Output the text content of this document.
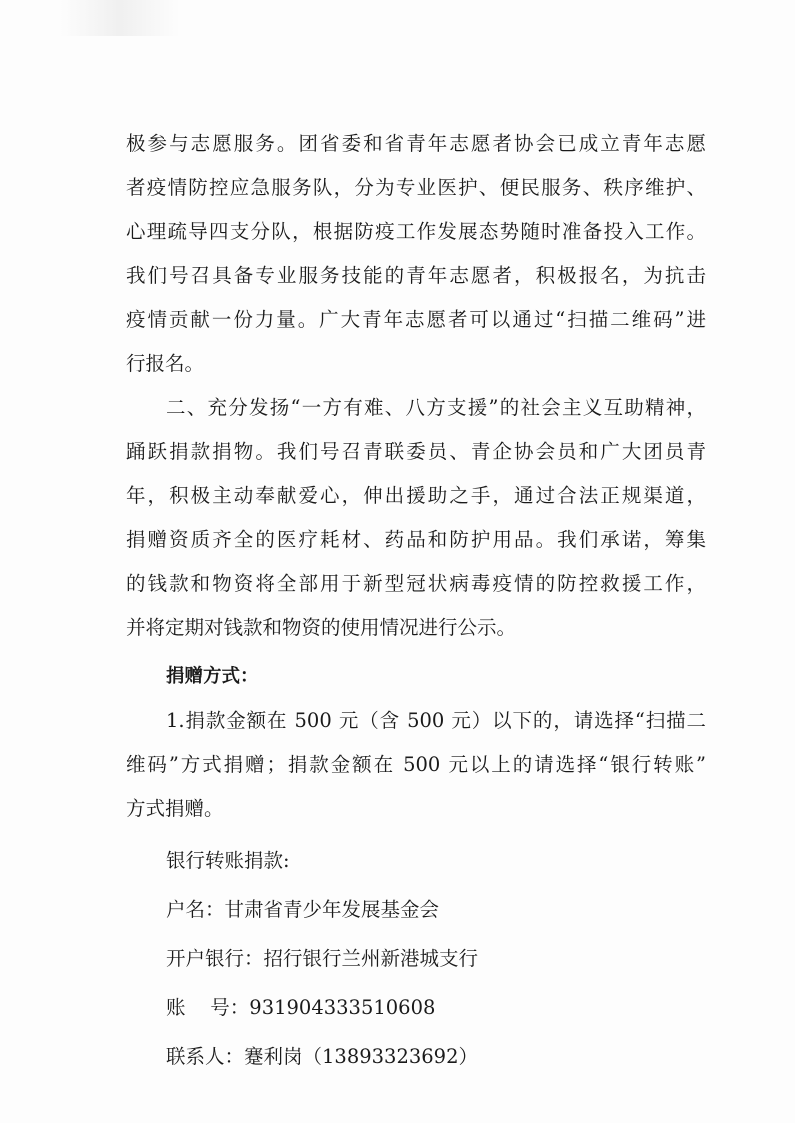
极参与志愿服务。团省委和省青年志愿者协会已成立青年志愿
者疫情防控应急服务队，分为专业医护、便民服务、秩序维护、
心理疏导四支分队，根据防疫工作发展态势随时准备投入工作。
我们号召具备专业服务技能的青年志愿者，积极报名，为抗击
疫情贡献一份力量。广大青年志愿者可以通过“扫描二维码”进
行报名。
二、充分发扬“一方有难、八方支援”的社会主义互助精神，
踊跃捐款捐物。我们号召青联委员、青企协会员和广大团员青
年，积极主动奉献爱心，伸出援助之手，通过合法正规渠道，
捐赠资质齐全的医疗耗材、药品和防护用品。我们承诺，筹集
的钱款和物资将全部用于新型冠状病毒疫情的防控救援工作，
并将定期对钱款和物资的使用情况进行公示。
捐赠方式：
1.捐款金额在 500 元（含 500 元）以下的，请选择“扫描二
维码”方式捐赠；捐款金额在 500 元以上的请选择“银行转账”
方式捐赠。
银行转账捐款:
户名：甘肃省青少年发展基金会
开户银行：招行银行兰州新港城支行
账    号：931904333510608
联系人：蹇利岗（13893323692）
